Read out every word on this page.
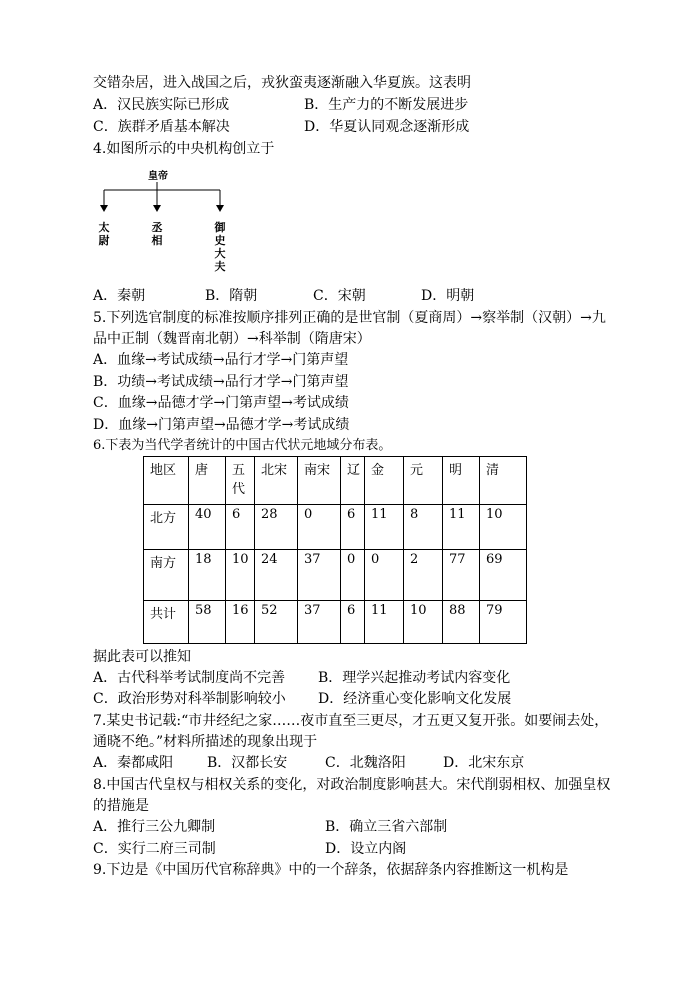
交错杂居，进入战国之后，戎狄蛮夷逐渐融入华夏族。这表明
A．汉民族实际已形成	B．生产力的不断发展进步
C．族群矛盾基本解决	D．华夏认同观念逐渐形成
4.如图所示的中央机构创立于
皇帝
太尉
丞相
御史大夫
A．秦朝	B．隋朝	C．宋朝	D．明朝
5.下列选官制度的标准按顺序排列正确的是世官制（夏商周）→察举制（汉朝）→九
品中正制（魏晋南北朝）→科举制（隋唐宋）
A．血缘→考试成绩→品行才学→门第声望
B．功绩→考试成绩→品行才学→门第声望
C．血缘→品德才学→门第声望→考试成绩
D．血缘→门第声望→品德才学→考试成绩
6.下表为当代学者统计的中国古代状元地域分布表。
地区	唐	五代	北宋	南宋	辽	金	元	明	清
北方	40	6	28	0	6	11	8	11	10
南方	18	10	24	37	0	0	2	77	69
共计	58	16	52	37	6	11	10	88	79
据此表可以推知
A．古代科举考试制度尚不完善 B．理学兴起推动考试内容变化
C．政治形势对科举制影响较小 D．经济重心变化影响文化发展
7.某史书记载:“市井经纪之家……夜市直至三更尽，才五更又复开张。如要闹去处，
通晓不绝。”材料所描述的现象出现于
A．秦都咸阳 B．汉都长安	C．北魏洛阳	D．北宋东京
8.中国古代皇权与相权关系的变化，对政治制度影响甚大。宋代削弱相权、加强皇权
的措施是
A．推行三公九卿制	B．确立三省六部制
C．实行二府三司制	D．设立内阁
9.下边是《中国历代官称辞典》中的一个辞条，依据辞条内容推断这一机构是
